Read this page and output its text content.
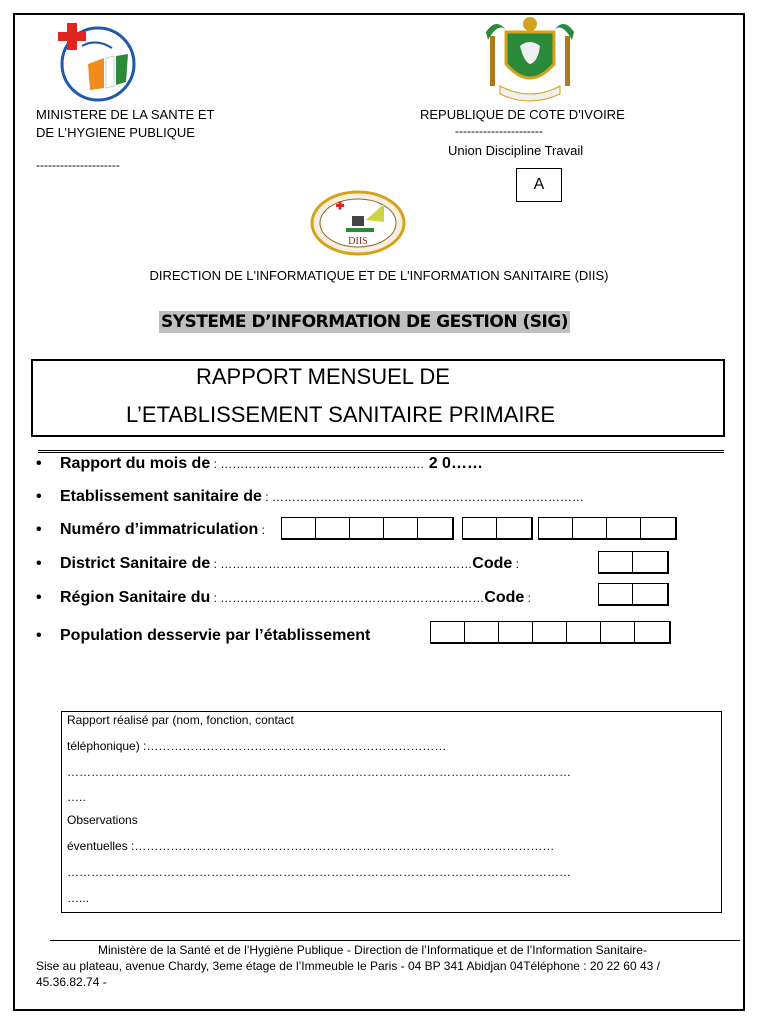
MINISTERE DE LA SANTE ET
DE L’HYGIENE PUBLIQUE
---------------------
REPUBLIQUE DE COTE D'IVOIRE
----------------------
Union Discipline Travail
A
DIIS
DIRECTION DE L'INFORMATIQUE ET DE L'INFORMATION SANITAIRE (DIIS)
SYSTEME D’INFORMATION DE GESTION (SIG)
RAPPORT MENSUEL DE
L’ETABLISSEMENT SANITAIRE PRIMAIRE
• Rapport du mois de : …………………………………………… 2 0……
• Etablissement sanitaire de : ……………………………………………………………………
• Numéro d’immatriculation :
• District Sanitaire de : ………………………………………………………Code :
• Région Sanitaire du : …………………………………………………………Code :
• Population desservie par l’établissement
Rapport réalisé par (nom, fonction, contact
téléphonique) :…………………………………………………………………
………………………………………………………………………………………………………………
…..
Observations
éventuelles :……………………………………………………………………………………………
………………………………………………………………………………………………………………
…...
Ministère de la Santé et de l’Hygiène Publique - Direction de l’Informatique et de l’Information Sanitaire-
Sise au plateau, avenue Chardy, 3eme étage de l’Immeuble le Paris - 04 BP 341 Abidjan 04Téléphone : 20 22 60 43 /
45.36.82.74 -
